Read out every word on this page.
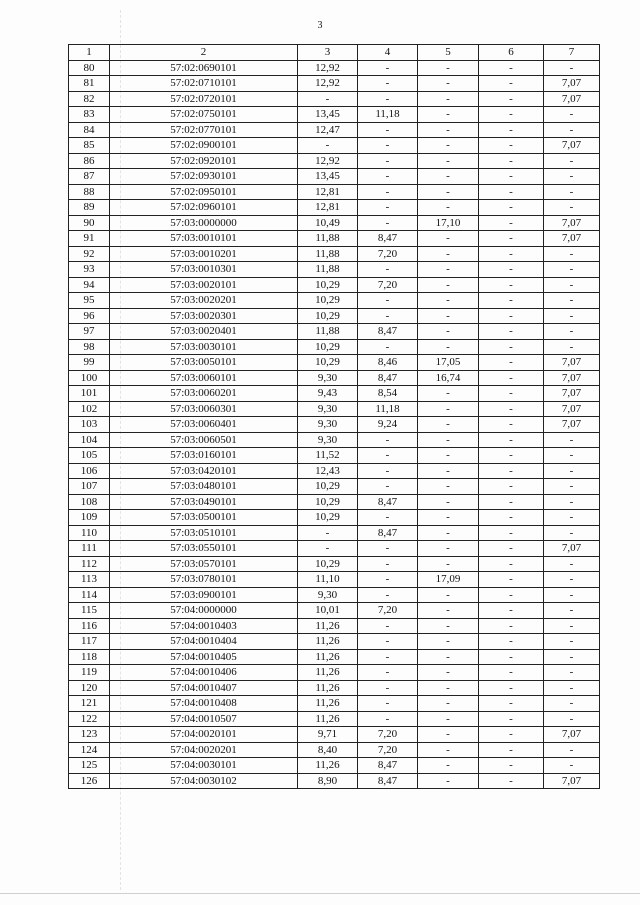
3
1	2	3	4	5	6	7
80	57:02:0690101	12,92	-	-	-	-
81	57:02:0710101	12,92	-	-	-	7,07
82	57:02:0720101	-	-	-	-	7,07
83	57:02:0750101	13,45	11,18	-	-	-
84	57:02:0770101	12,47	-	-	-	-
85	57:02:0900101	-	-	-	-	7,07
86	57:02:0920101	12,92	-	-	-	-
87	57:02:0930101	13,45	-	-	-	-
88	57:02:0950101	12,81	-	-	-	-
89	57:02:0960101	12,81	-	-	-	-
90	57:03:0000000	10,49	-	17,10	-	7,07
91	57:03:0010101	11,88	8,47	-	-	7,07
92	57:03:0010201	11,88	7,20	-	-	-
93	57:03:0010301	11,88	-	-	-	-
94	57:03:0020101	10,29	7,20	-	-	-
95	57:03:0020201	10,29	-	-	-	-
96	57:03:0020301	10,29	-	-	-	-
97	57:03:0020401	11,88	8,47	-	-	-
98	57:03:0030101	10,29	-	-	-	-
99	57:03:0050101	10,29	8,46	17,05	-	7,07
100	57:03:0060101	9,30	8,47	16,74	-	7,07
101	57:03:0060201	9,43	8,54	-	-	7,07
102	57:03:0060301	9,30	11,18	-	-	7,07
103	57:03:0060401	9,30	9,24	-	-	7,07
104	57:03:0060501	9,30	-	-	-	-
105	57:03:0160101	11,52	-	-	-	-
106	57:03:0420101	12,43	-	-	-	-
107	57:03:0480101	10,29	-	-	-	-
108	57:03:0490101	10,29	8,47	-	-	-
109	57:03:0500101	10,29	-	-	-	-
110	57:03:0510101	-	8,47	-	-	-
111	57:03:0550101	-	-	-	-	7,07
112	57:03:0570101	10,29	-	-	-	-
113	57:03:0780101	11,10	-	17,09	-	-
114	57:03:0900101	9,30	-	-	-	-
115	57:04:0000000	10,01	7,20	-	-	-
116	57:04:0010403	11,26	-	-	-	-
117	57:04:0010404	11,26	-	-	-	-
118	57:04:0010405	11,26	-	-	-	-
119	57:04:0010406	11,26	-	-	-	-
120	57:04:0010407	11,26	-	-	-	-
121	57:04:0010408	11,26	-	-	-	-
122	57:04:0010507	11,26	-	-	-	-
123	57:04:0020101	9,71	7,20	-	-	7,07
124	57:04:0020201	8,40	7,20	-	-	-
125	57:04:0030101	11,26	8,47	-	-	-
126	57:04:0030102	8,90	8,47	-	-	7,07
